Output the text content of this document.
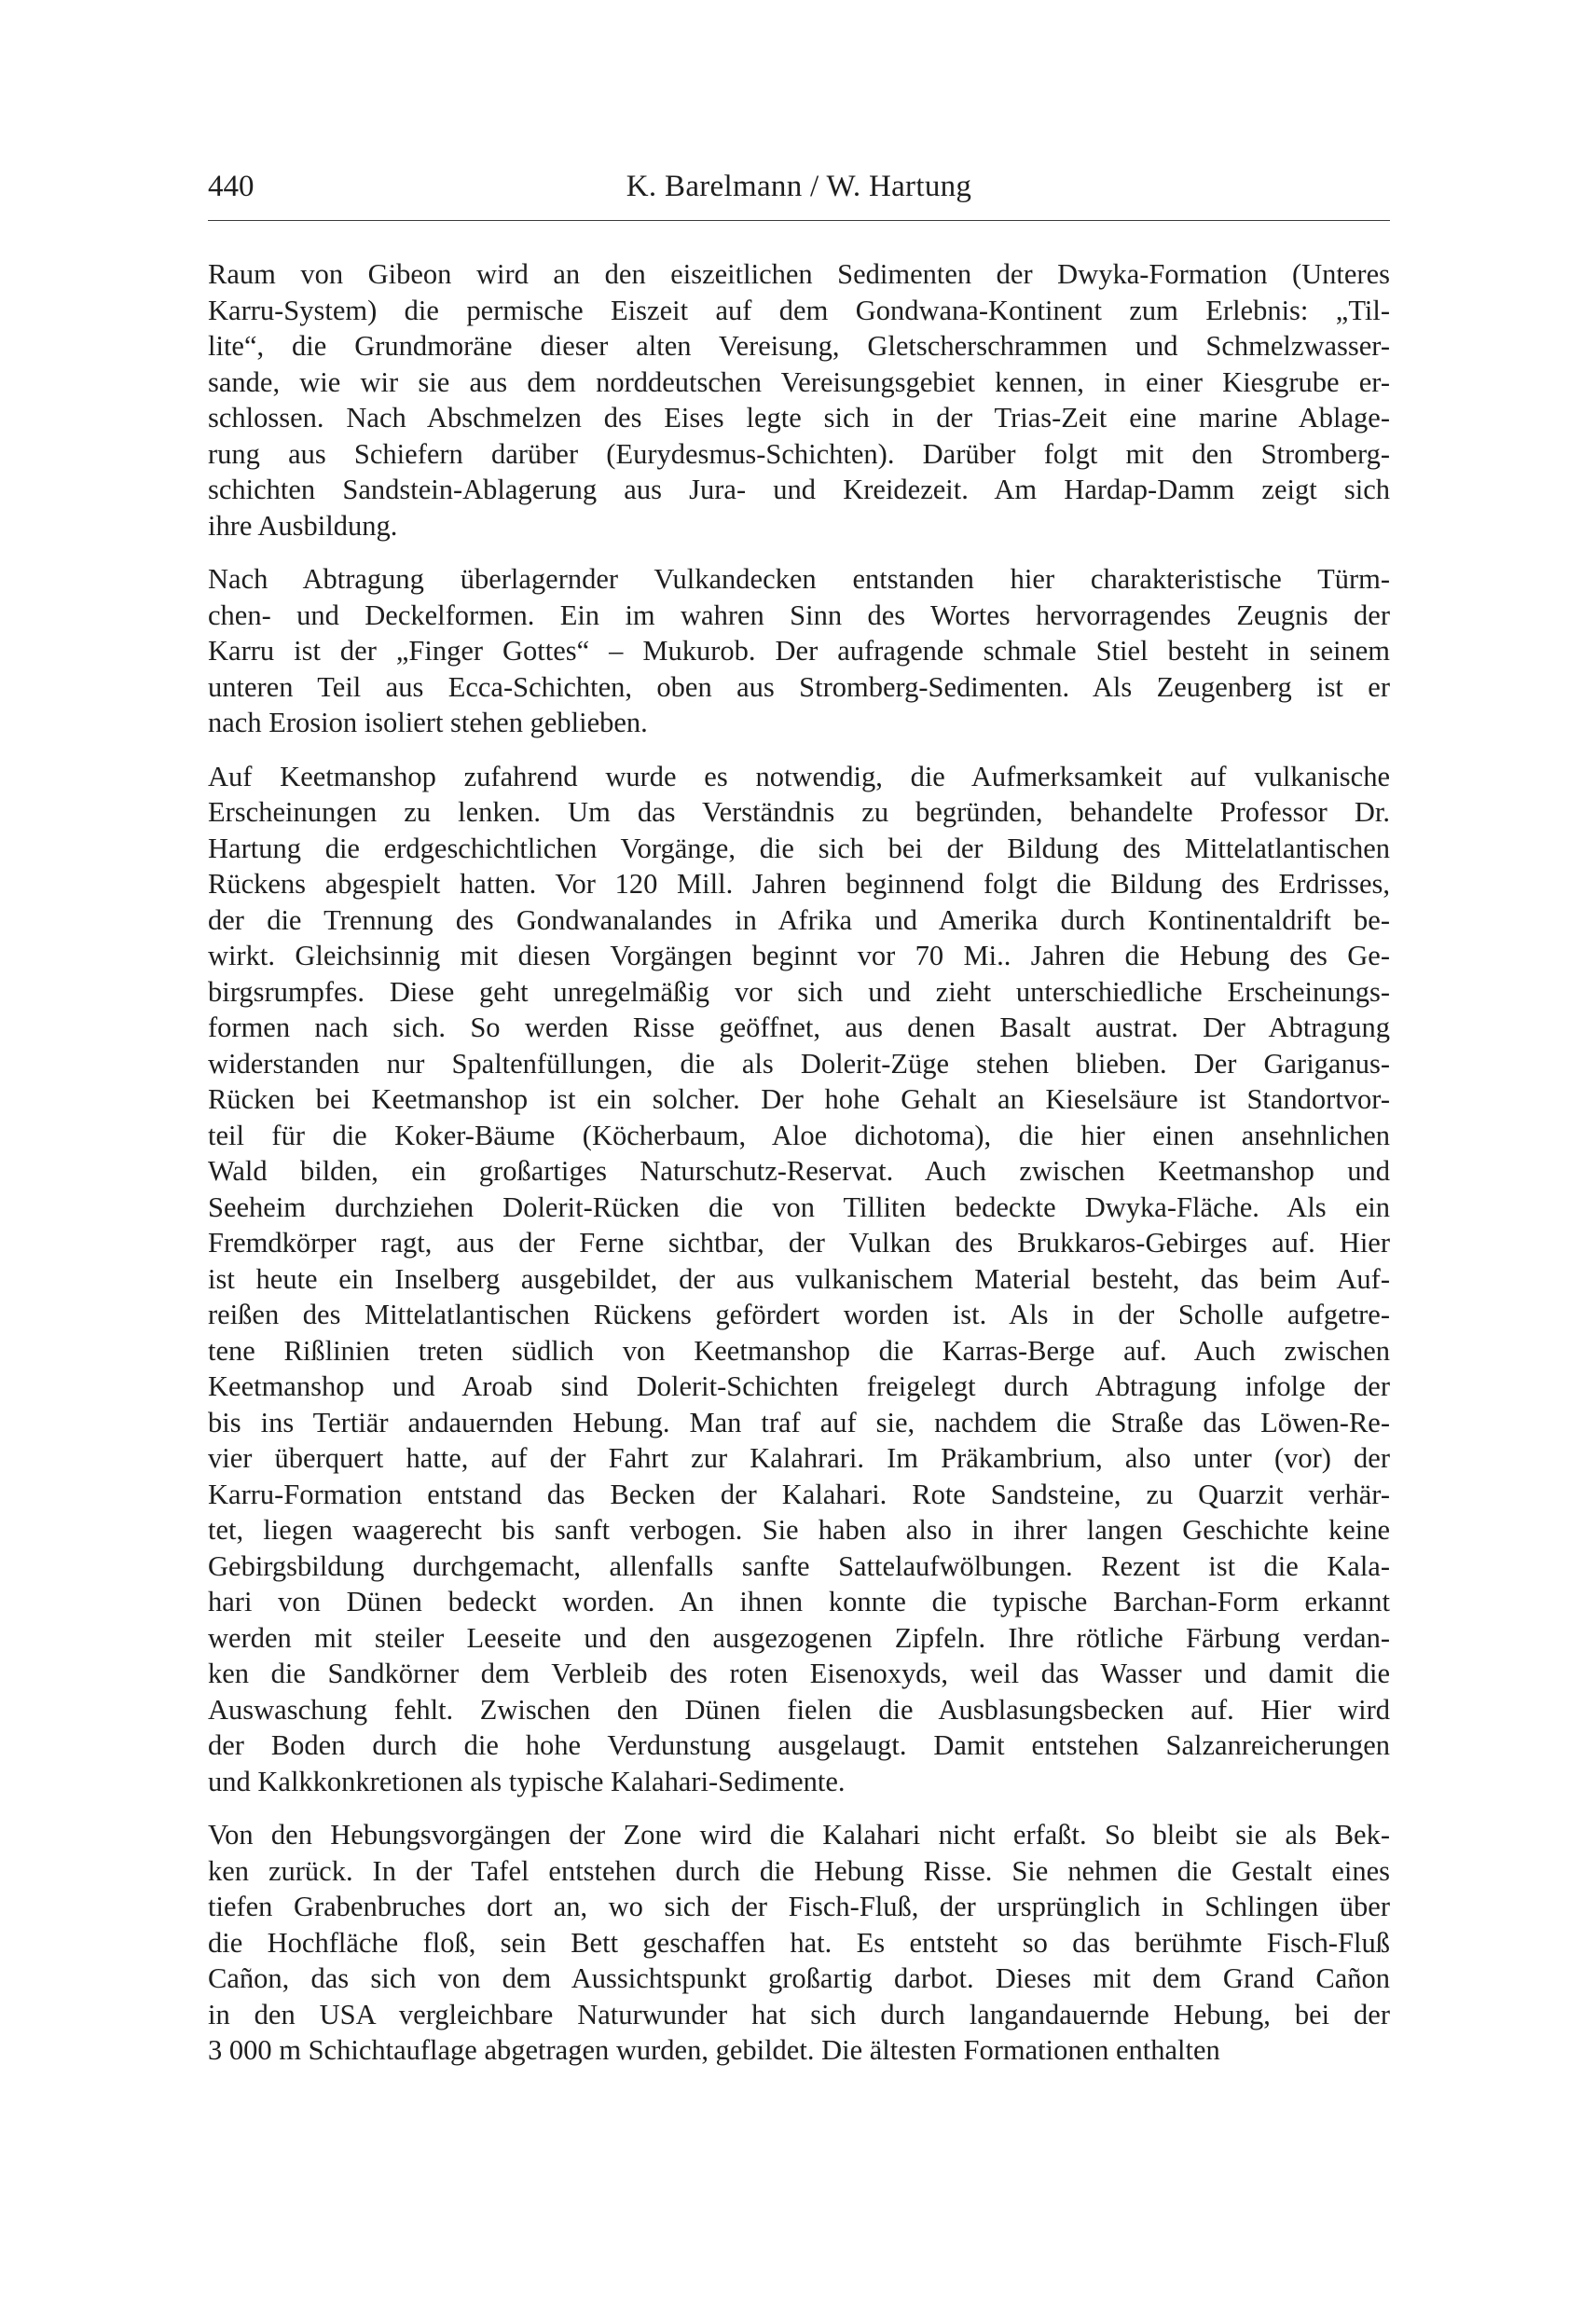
440	K. Barelmann / W. Hartung
Raum von Gibeon wird an den eiszeitlichen Sedimenten der Dwyka-Formation (Unteres
Karru-System) die permische Eiszeit auf dem Gondwana-Kontinent zum Erlebnis: „Til-
lite“, die Grundmoräne dieser alten Vereisung, Gletscherschrammen und Schmelzwasser-
sande, wie wir sie aus dem norddeutschen Vereisungsgebiet kennen, in einer Kiesgrube er-
schlossen. Nach Abschmelzen des Eises legte sich in der Trias-Zeit eine marine Ablage-
rung aus Schiefern darüber (Eurydesmus-Schichten). Darüber folgt mit den Stromberg-
schichten Sandstein-Ablagerung aus Jura- und Kreidezeit. Am Hardap-Damm zeigt sich
ihre Ausbildung.
Nach Abtragung überlagernder Vulkandecken entstanden hier charakteristische Türm-
chen- und Deckelformen. Ein im wahren Sinn des Wortes hervorragendes Zeugnis der
Karru ist der „Finger Gottes“ – Mukurob. Der aufragende schmale Stiel besteht in seinem
unteren Teil aus Ecca-Schichten, oben aus Stromberg-Sedimenten. Als Zeugenberg ist er
nach Erosion isoliert stehen geblieben.
Auf Keetmanshop zufahrend wurde es notwendig, die Aufmerksamkeit auf vulkanische
Erscheinungen zu lenken. Um das Verständnis zu begründen, behandelte Professor Dr.
Hartung die erdgeschichtlichen Vorgänge, die sich bei der Bildung des Mittelatlantischen
Rückens abgespielt hatten. Vor 120 Mill. Jahren beginnend folgt die Bildung des Erdrisses,
der die Trennung des Gondwanalandes in Afrika und Amerika durch Kontinentaldrift be-
wirkt. Gleichsinnig mit diesen Vorgängen beginnt vor 70 Mi.. Jahren die Hebung des Ge-
birgsrumpfes. Diese geht unregelmäßig vor sich und zieht unterschiedliche Erscheinungs-
formen nach sich. So werden Risse geöffnet, aus denen Basalt austrat. Der Abtragung
widerstanden nur Spaltenfüllungen, die als Dolerit-Züge stehen blieben. Der Gariganus-
Rücken bei Keetmanshop ist ein solcher. Der hohe Gehalt an Kieselsäure ist Standortvor-
teil für die Koker-Bäume (Köcherbaum, Aloe dichotoma), die hier einen ansehnlichen
Wald bilden, ein großartiges Naturschutz-Reservat. Auch zwischen Keetmanshop und
Seeheim durchziehen Dolerit-Rücken die von Tilliten bedeckte Dwyka-Fläche. Als ein
Fremdkörper ragt, aus der Ferne sichtbar, der Vulkan des Brukkaros-Gebirges auf. Hier
ist heute ein Inselberg ausgebildet, der aus vulkanischem Material besteht, das beim Auf-
reißen des Mittelatlantischen Rückens gefördert worden ist. Als in der Scholle aufgetre-
tene Rißlinien treten südlich von Keetmanshop die Karras-Berge auf. Auch zwischen
Keetmanshop und Aroab sind Dolerit-Schichten freigelegt durch Abtragung infolge der
bis ins Tertiär andauernden Hebung. Man traf auf sie, nachdem die Straße das Löwen-Re-
vier überquert hatte, auf der Fahrt zur Kalahrari. Im Präkambrium, also unter (vor) der
Karru-Formation entstand das Becken der Kalahari. Rote Sandsteine, zu Quarzit verhär-
tet, liegen waagerecht bis sanft verbogen. Sie haben also in ihrer langen Geschichte keine
Gebirgsbildung durchgemacht, allenfalls sanfte Sattelaufwölbungen. Rezent ist die Kala-
hari von Dünen bedeckt worden. An ihnen konnte die typische Barchan-Form erkannt
werden mit steiler Leeseite und den ausgezogenen Zipfeln. Ihre rötliche Färbung verdan-
ken die Sandkörner dem Verbleib des roten Eisenoxyds, weil das Wasser und damit die
Auswaschung fehlt. Zwischen den Dünen fielen die Ausblasungsbecken auf. Hier wird
der Boden durch die hohe Verdunstung ausgelaugt. Damit entstehen Salzanreicherungen
und Kalkkonkretionen als typische Kalahari-Sedimente.
Von den Hebungsvorgängen der Zone wird die Kalahari nicht erfaßt. So bleibt sie als Bek-
ken zurück. In der Tafel entstehen durch die Hebung Risse. Sie nehmen die Gestalt eines
tiefen Grabenbruches dort an, wo sich der Fisch-Fluß, der ursprünglich in Schlingen über
die Hochfläche floß, sein Bett geschaffen hat. Es entsteht so das berühmte Fisch-Fluß
Cañon, das sich von dem Aussichtspunkt großartig darbot. Dieses mit dem Grand Cañon
in den USA vergleichbare Naturwunder hat sich durch langandauernde Hebung, bei der
3 000 m Schichtauflage abgetragen wurden, gebildet. Die ältesten Formationen enthalten
